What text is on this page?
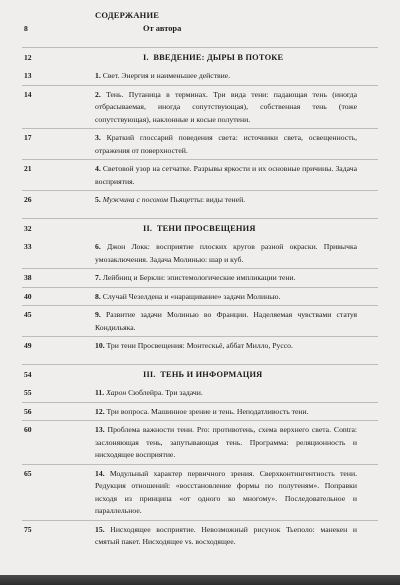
СОДЕРЖАНИЕ
8	От автора
12	I. ВВЕДЕНИЕ: ДЫРЫ В ПОТОКЕ
13	1. Свет. Энергия и наименьшее действие.
14	2. Тень. Путаница в терминах. Три вида тени: падающая тень (иногда отбрасываемая, иногда сопутствующая), собственная тень (тоже сопутствующая), наклонные и косые полутени.
17	3. Краткий глоссарий поведения света: источники света, освещенность, отражения от поверхностей.
21	4. Световой узор на сетчатке. Разрывы яркости и их основные причины. Задача восприятия.
26	5. Мужчина с посохом Пьяцетты: виды теней.
32	II. ТЕНИ ПРОСВЕЩЕНИЯ
33	6. Джон Локк: восприятие плоских кругов разной окраски. Привычка умозаключения. Задача Молинью: шар и куб.
38	7. Лейбниц и Беркли: эпистемологические импликации тени.
40	8. Случай Чезелдена и «наращивание» задачи Молинью.
45	9. Развитие задачи Молинью во Франции. Наделяемая чувствами статуя Кондильяка.
49	10. Три тени Просвещения: Монтескьё, аббат Милло, Руссо.
54	III. ТЕНЬ И ИНФОРМАЦИЯ
55	11. Харон Сюблейра. Три задачи.
56	12. Три вопроса. Машинное зрение и тень. Неподатливость тени.
60	13. Проблема важности тени. Pro: противотень, схема верхнего света. Contra: заслоняющая тень, запутывающая тень. Программа: реляционность и нисходящее восприятие.
65	14. Модульный характер первичного зрения. Сверхконтингентность тени. Редукция отношений: «восстановление формы по полутеням». Поправки исходя из принципа «от одного ко многому». Последовательное и параллельное.
75	15. Нисходящее восприятие. Невозможный рисунок Тьеполо: манекен и смятый пакет. Нисходящее vs. восходящее.
